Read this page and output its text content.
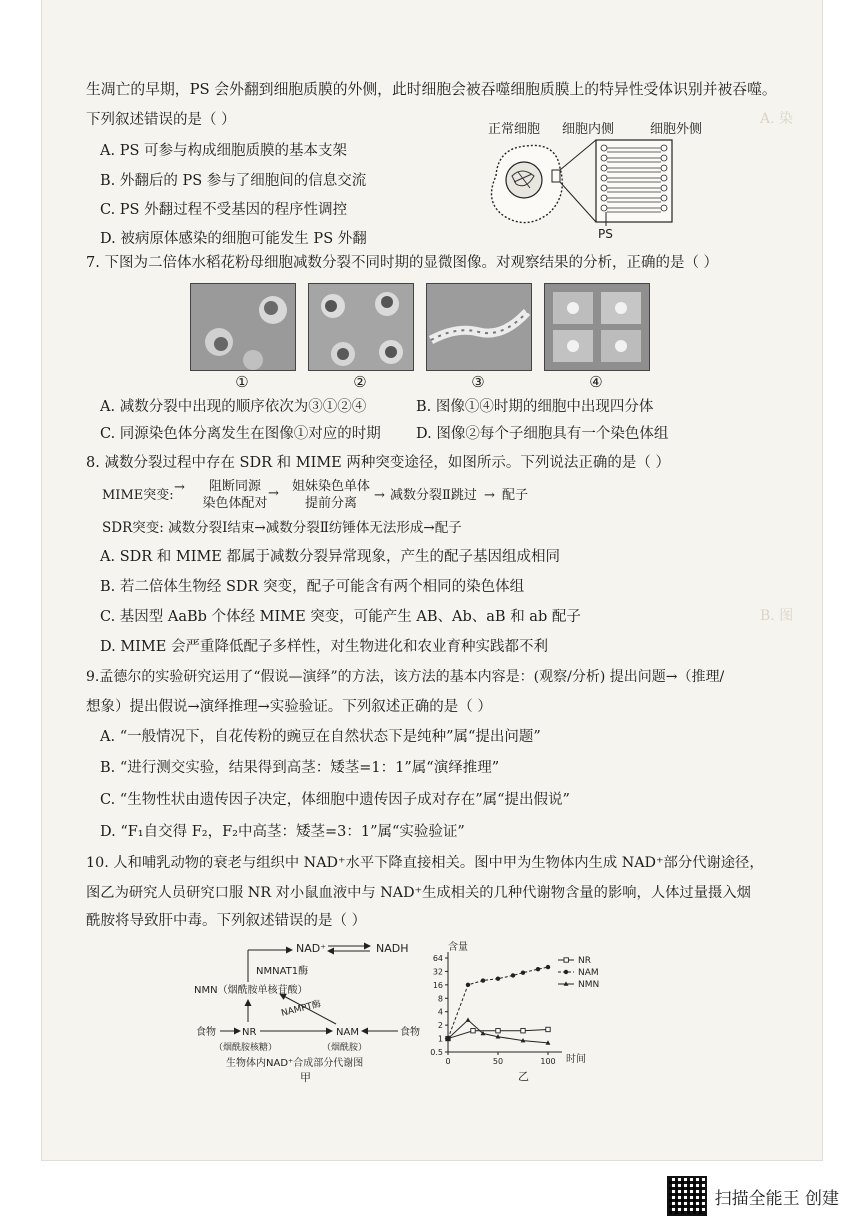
A. 染
B. 图
生凋亡的早期，PS 会外翻到细胞质膜的外侧，此时细胞会被吞噬细胞质膜上的特异性受体识别并被吞噬。
下列叙述错误的是（ ）
A. PS 可参与构成细胞质膜的基本支架
B. 外翻后的 PS 参与了细胞间的信息交流
C. PS 外翻过程不受基因的程序性调控
D. 被病原体感染的细胞可能发生 PS 外翻
正常细胞 细胞内侧	细胞外侧
PS
7. 下图为二倍体水稻花粉母细胞减数分裂不同时期的显微图像。对观察结果的分析，正确的是（ ）
①	②	③	④
A. 减数分裂中出现的顺序依次为③①②④	B. 图像①④时期的细胞中出现四分体
C. 同源染色体分离发生在图像①对应的时期 D. 图像②每个子细胞具有一个染色体组
8. 减数分裂过程中存在 SDR 和 MIME 两种突变途径，如图所示。下列说法正确的是（ ）
MIME突变:
→	阻断同源
染色体配对
→	姐妹染色单体
提前分离
→ 减数分裂Ⅱ跳过 → 配子
SDR突变: 减数分裂Ⅰ结束→减数分裂Ⅱ纺锤体无法形成→配子
A. SDR 和 MIME 都属于减数分裂异常现象，产生的配子基因组成相同
B. 若二倍体生物经 SDR 突变，配子可能含有两个相同的染色体组
C. 基因型 AaBb 个体经 MIME 突变，可能产生 AB、Ab、aB 和 ab 配子
D. MIME 会严重降低配子多样性，对生物进化和农业育种实践都不利
9.孟德尔的实验研究运用了“假说—演绎”的方法，该方法的基本内容是：(观察/分析) 提出问题→（推理/
想象）提出假说→演绎推理→实验验证。下列叙述正确的是（ ）
A. “一般情况下，自花传粉的豌豆在自然状态下是纯种”属“提出问题”
B. “进行测交实验，结果得到高茎：矮茎=1：1”属“演绎推理”
C. “生物性状由遗传因子决定，体细胞中遗传因子成对存在”属“提出假说”
D. “F₁自交得 F₂，F₂中高茎：矮茎=3：1”属“实验验证”
10. 人和哺乳动物的衰老与组织中 NAD⁺水平下降直接相关。图中甲为生物体内生成 NAD⁺部分代谢途径，
图乙为研究人员研究口服 NR 对小鼠血液中与 NAD⁺生成相关的几种代谢物含量的影响，人体过量摄入烟
酰胺将导致肝中毒。下列叙述错误的是（ ）
NAD⁺	NADH
NMNAT1酶
NMN（烟酰胺单核苷酸）
NAMPT酶
食物	NR
（烟酰胺核糖）
NAM
（烟酰胺）
食物
生物体内NAD⁺合成部分代谢图
甲
含量
时间
乙
0.5
1
2
4
8
16
32
64
0	50	100
NR
NAM
NMN
扫描全能王 创建
